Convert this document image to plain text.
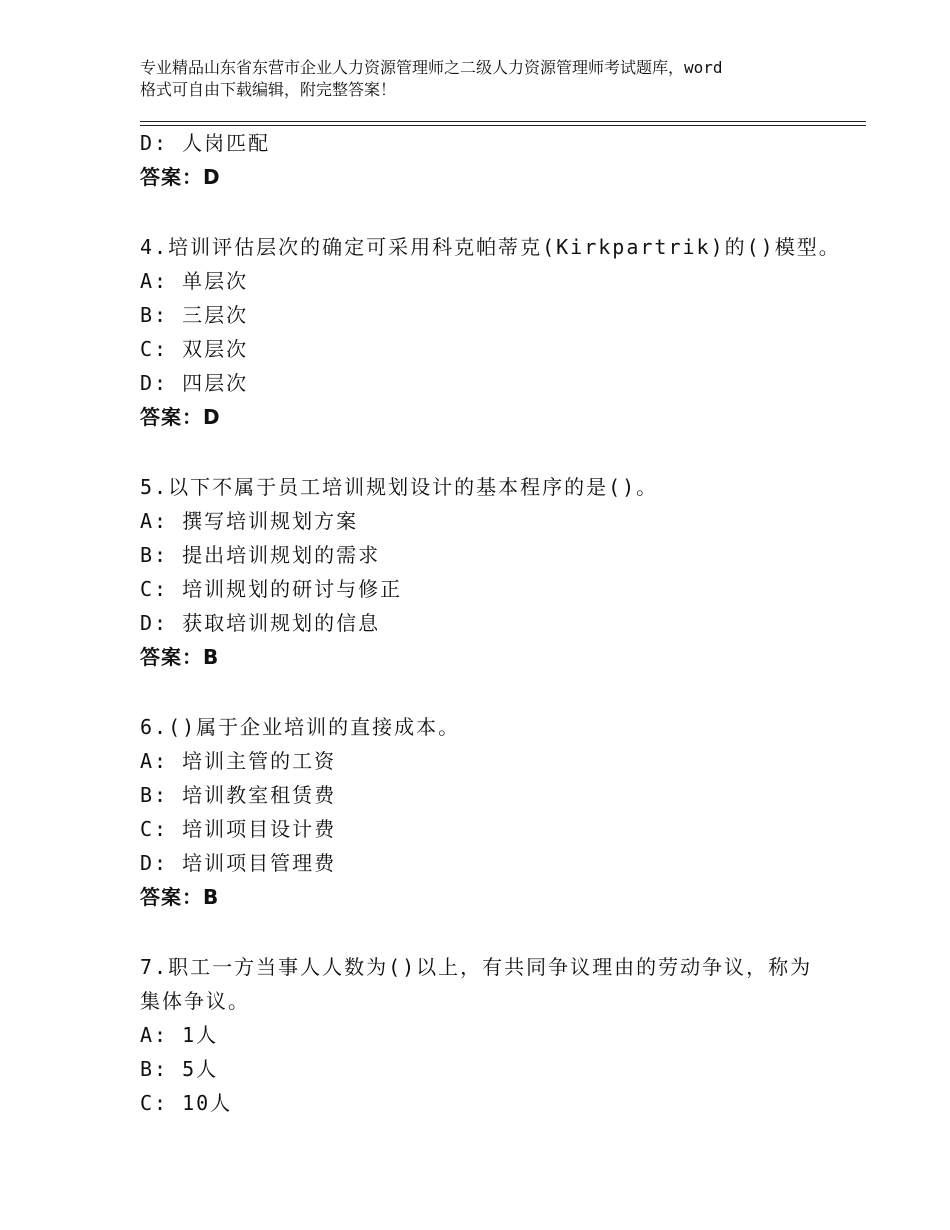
专业精品山东省东营市企业人力资源管理师之二级人力资源管理师考试题库，word
格式可自由下载编辑，附完整答案！
D: 人岗匹配
答案：D
4.培训评估层次的确定可采用科克帕蒂克(Kirkpartrik)的()模型。
A: 单层次
B: 三层次
C: 双层次
D: 四层次
答案：D
5.以下不属于员工培训规划设计的基本程序的是()。
A: 撰写培训规划方案
B: 提出培训规划的需求
C: 培训规划的研讨与修正
D: 获取培训规划的信息
答案：B
6.()属于企业培训的直接成本。
A: 培训主管的工资
B: 培训教室租赁费
C: 培训项目设计费
D: 培训项目管理费
答案：B
7.职工一方当事人人数为()以上，有共同争议理由的劳动争议，称为
集体争议。
A: 1人
B: 5人
C: 10人
